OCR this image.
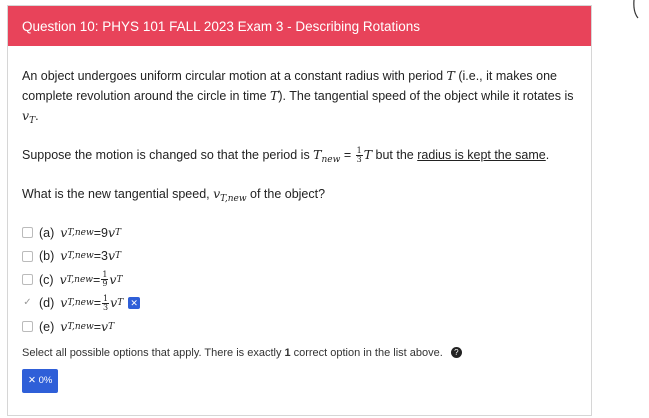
Question 10: PHYS 101 FALL 2023 Exam 3 - Describing Rotations
An object undergoes uniform circular motion at a constant radius with period T (i.e., it makes one complete revolution around the circle in time T). The tangential speed of the object while it rotates is $v_T$.
Suppose the motion is changed so that the period is $T_{new} = \frac{1}{3}$ T but the radius is kept the same.
What is the new tangential speed, $v_{T,new}$ of the object?
(a) v T,new = 9 v T
(b) v T,new = 3 v T
(c) v $T,new = \frac{1}{9}$ v T
✓ (d) v $T,new = \frac{1}{3}$ v T ✕
(e) v T,new = v T
Select all possible options that apply. There is exactly 1 correct option in the list above.	?
✕
0%
